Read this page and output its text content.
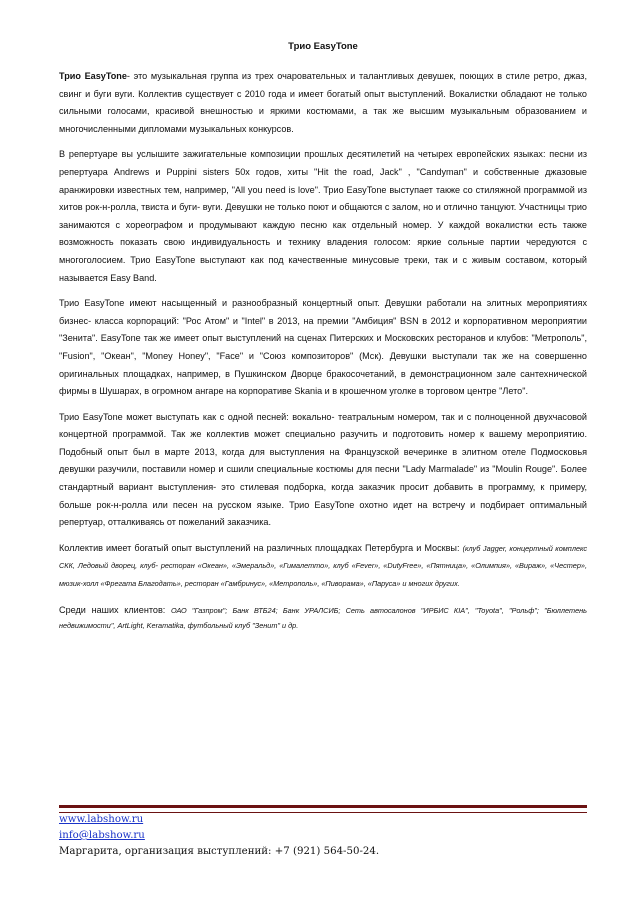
Трио EasyTone

Трио EasyTone- это музыкальная группа из трех очаровательных и талантливых девушек, поющих в стиле ретро, джаз, свинг и буги вуги. Коллектив существует с 2010 года и имеет богатый опыт выступлений. Вокалистки обладают не только сильными голосами, красивой внешностью и яркими костюмами, а так же высшим музыкальным образованием и многочисленными дипломами музыкальных конкурсов.

В репертуаре вы услышите зажигательные композиции прошлых десятилетий на четырех европейских языках: песни из репертуара Andrews и Puppini sisters 50х годов, хиты "Hit the road, Jack" , "Candyman" и собственные джазовые аранжировки известных тем, например, "All you need is love". Трио EasyTone выступает также со стиляжной программой из хитов рок-н-ролла, твиста и буги- вуги. Девушки не только поют и общаются с залом, но и отлично танцуют. Участницы трио занимаются с хореографом и продумывают каждую песню как отдельный номер. У каждой вокалистки есть также возможность показать свою индивидуальность и технику владения голосом: яркие сольные партии чередуются с многоголосием. Трио EasyTone выступают как под качественные минусовые треки, так и с живым составом, который называется Easy Band.

Трио EasyTone имеют насыщенный и разнообразный концертный опыт. Девушки работали на элитных мероприятиях бизнес- класса корпораций: "Рос Атом" и "Intel" в 2013, на премии "Амбиция" BSN в 2012 и корпоративном мероприятии "Зенита". EasyTone так же имеет опыт выступлений на сценах Питерских и Московских ресторанов и клубов: "Метрополь", "Fusion", "Океан", "Money Honey", "Face" и "Союз композиторов" (Мск). Девушки выступали так же на совершенно оригинальных площадках, например, в Пушкинском Дворце бракосочетаний, в демонстрационном зале сантехнической фирмы в Шушарах, в огромном ангаре на корпоративе Skania и в крошечном уголке в торговом центре "Лето".

Трио EasyTone может выступать как с одной песней: вокально- театральным номером, так и с полноценной двухчасовой концертной программой. Так же коллектив может специально разучить и подготовить номер к вашему мероприятию. Подобный опыт был в марте 2013, когда для выступления на Французской вечеринке в элитном отеле Подмосковья девушки разучили, поставили номер и сшили специальные костюмы для песни "Lady Marmalade" из "Moulin Rouge". Более стандартный вариант выступления- это стилевая подборка, когда заказчик просит добавить в программу, к примеру, больше рок-н-ролла или песен на русском языке. Трио EasyTone охотно идет на встречу и подбирает оптимальный репертуар, отталкиваясь от пожеланий заказчика.

Коллектив имеет богатый опыт выступлений на различных площадках Петербурга и Москвы: (клуб Jagger, концертный комплекс СКК, Ледовый дворец, клуб- ресторан «Океан», «Эмеральд», «Гималетто», клуб «Fever», «DutyFree», «Пятница», «Олимпия», «Вираж», «Честер», мюзик-холл «Фрегата Благодать», ресторан «Гамбринус», «Метрополь», «Пиворама», «Паруса» и многих других.

Среди наших клиентов: ОАО "Газпром"; Банк ВТБ24; Банк УРАЛСИБ; Сеть автосалонов "ИРБИС КIA", "Toyota", "Рольф"; "Бюллетень недвижимости", ArtLight, Keramatika, футбольный клуб "Зенит" и др.

www.labshow.ru
info@labshow.ru
Маргарита, организация выступлений: +7 (921) 564-50-24.
